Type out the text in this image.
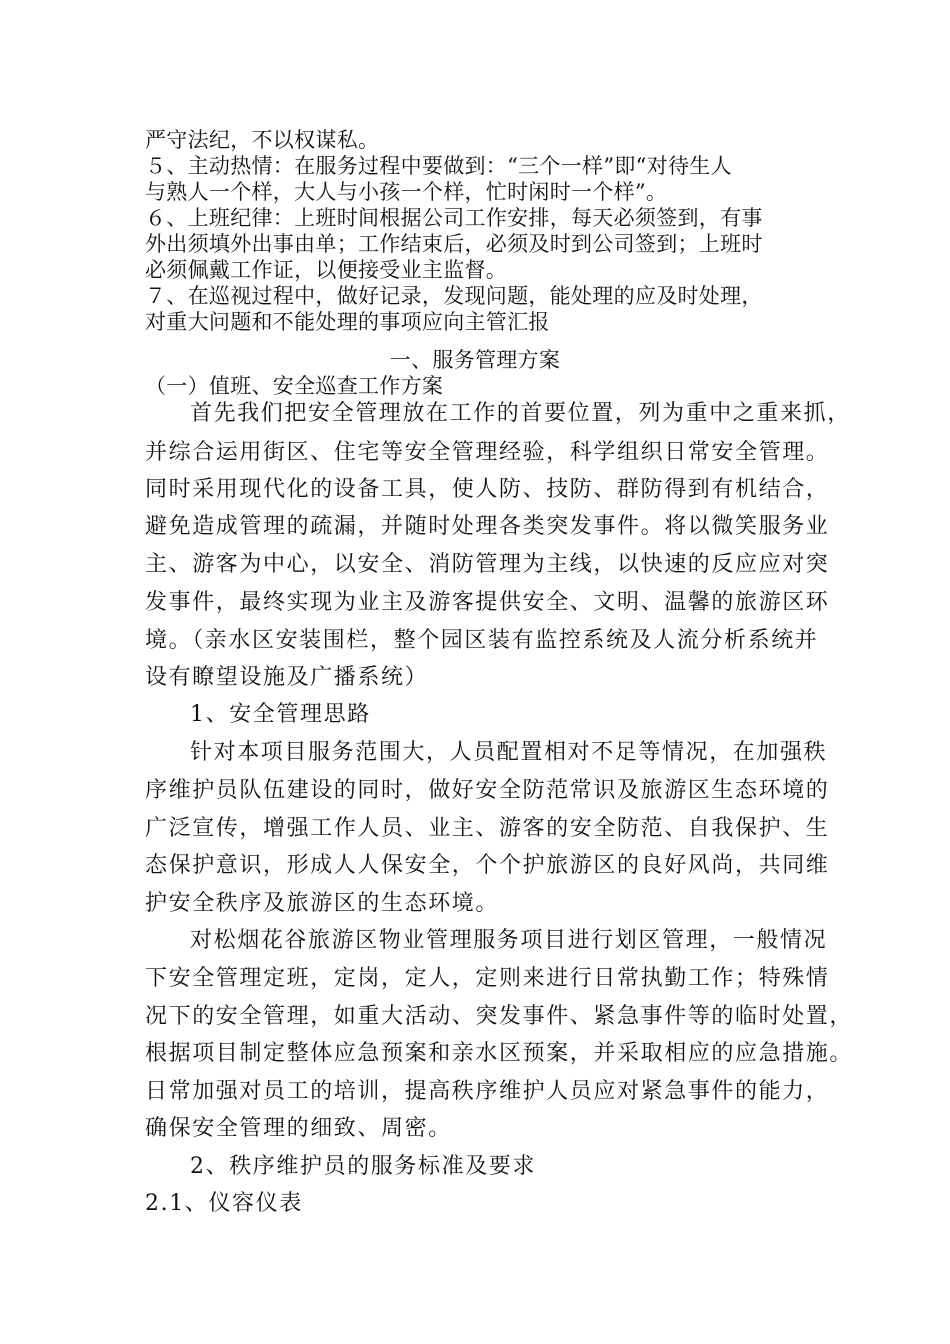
严守法纪，不以权谋私。
５、主动热情：在服务过程中要做到：“三个一样”即“对待生人
与熟人一个样，大人与小孩一个样，忙时闲时一个样”。
６、上班纪律：上班时间根据公司工作安排，每天必须签到，有事
外出须填外出事由单；工作结束后，必须及时到公司签到；上班时
必须佩戴工作证，以便接受业主监督。
７、在巡视过程中，做好记录，发现问题，能处理的应及时处理，
对重大问题和不能处理的事项应向主管汇报
一、服务管理方案
（一）值班、安全巡查工作方案
首先我们把安全管理放在工作的首要位置，列为重中之重来抓，
并综合运用街区、住宅等安全管理经验，科学组织日常安全管理。
同时采用现代化的设备工具，使人防、技防、群防得到有机结合，
避免造成管理的疏漏，并随时处理各类突发事件。将以微笑服务业
主、游客为中心，以安全、消防管理为主线，以快速的反应应对突
发事件，最终实现为业主及游客提供安全、文明、温馨的旅游区环
境。（亲水区安装围栏，整个园区装有监控系统及人流分析系统并
设有瞭望设施及广播系统）
1、安全管理思路
针对本项目服务范围大，人员配置相对不足等情况，在加强秩
序维护员队伍建设的同时，做好安全防范常识及旅游区生态环境的
广泛宣传，增强工作人员、业主、游客的安全防范、自我保护、生
态保护意识，形成人人保安全，个个护旅游区的良好风尚，共同维
护安全秩序及旅游区的生态环境。
对松烟花谷旅游区物业管理服务项目进行划区管理，一般情况
下安全管理定班，定岗，定人，定则来进行日常执勤工作；特殊情
况下的安全管理，如重大活动、突发事件、紧急事件等的临时处置，
根据项目制定整体应急预案和亲水区预案，并采取相应的应急措施。
日常加强对员工的培训，提高秩序维护人员应对紧急事件的能力，
确保安全管理的细致、周密。
2、秩序维护员的服务标准及要求
2.1、仪容仪表
